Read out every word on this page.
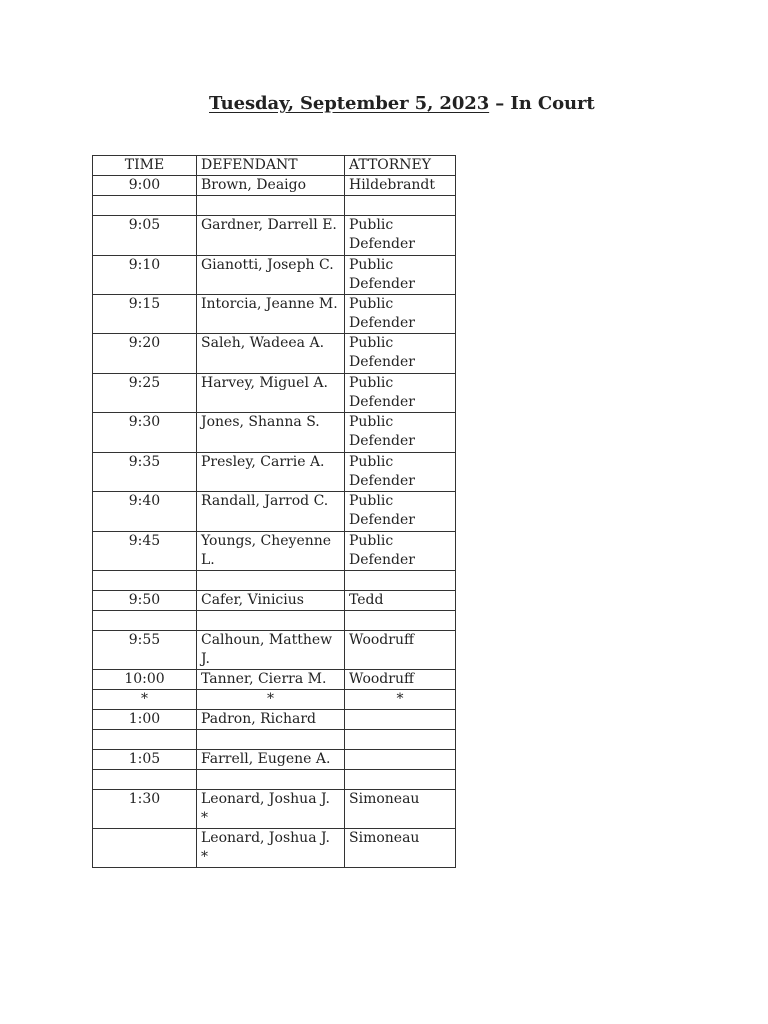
Tuesday, September 5, 2023 – In Court
TIME	DEFENDANT	ATTORNEY
9:00	Brown, Deaigo	Hildebrandt

9:05	Gardner, Darrell E.	Public Defender
9:10	Gianotti, Joseph C.	Public Defender
9:15	Intorcia, Jeanne M.	Public Defender
9:20	Saleh, Wadeea A.	Public Defender
9:25	Harvey, Miguel A.	Public Defender
9:30	Jones, Shanna S.	Public Defender
9:35	Presley, Carrie A.	Public Defender
9:40	Randall, Jarrod C.	Public Defender
9:45	Youngs, Cheyenne L.	Public Defender

9:50	Cafer, Vinicius	Tedd

9:55	Calhoun, Matthew J.	Woodruff
10:00	Tanner, Cierra M.	Woodruff
*	*	*
1:00	Padron, Richard	

1:05	Farrell, Eugene A.	

1:30	Leonard, Joshua J. *	Simoneau
	Leonard, Joshua J. *	Simoneau
